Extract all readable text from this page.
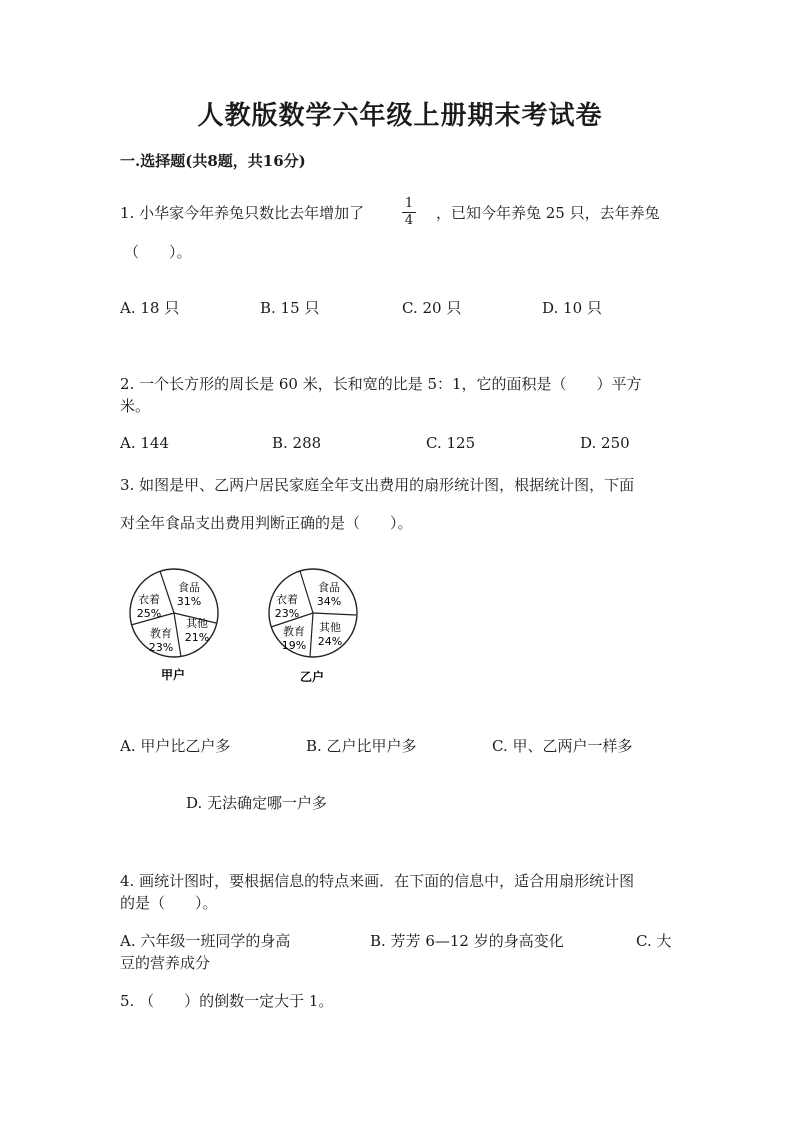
人教版数学六年级上册期末考试卷
一.选择题(共8题，共16分)
1. 小华家今年养兔只数比去年增加了
1
4 ，已知今年养兔 25 只，去年养兔
（　　）。
A. 18 只	B. 15 只	C. 20 只	D. 10 只
2. 一个长方形的周长是 60 米，长和宽的比是 5：1，它的面积是（　　）平方
米。
A. 144	B. 288	C. 125	D. 250
3. 如图是甲、乙两户居民家庭全年支出费用的扇形统计图，根据统计图，下面
对全年食品支出费用判断正确的是（　　）。
食品
31%
衣着
25%
其他
21%
教育
23%
甲户
食品
34%
衣着
23%
其他
24%
教育
19%
乙户
A. 甲户比乙户多	B. 乙户比甲户多	C. 甲、乙两户一样多
D. 无法确定哪一户多
4. 画统计图时，要根据信息的特点来画．在下面的信息中，适合用扇形统计图
的是（　　）。
A. 六年级一班同学的身高	B. 芳芳 6—12 岁的身高变化	C. 大
豆的营养成分
5. （　　）的倒数一定大于 1。
